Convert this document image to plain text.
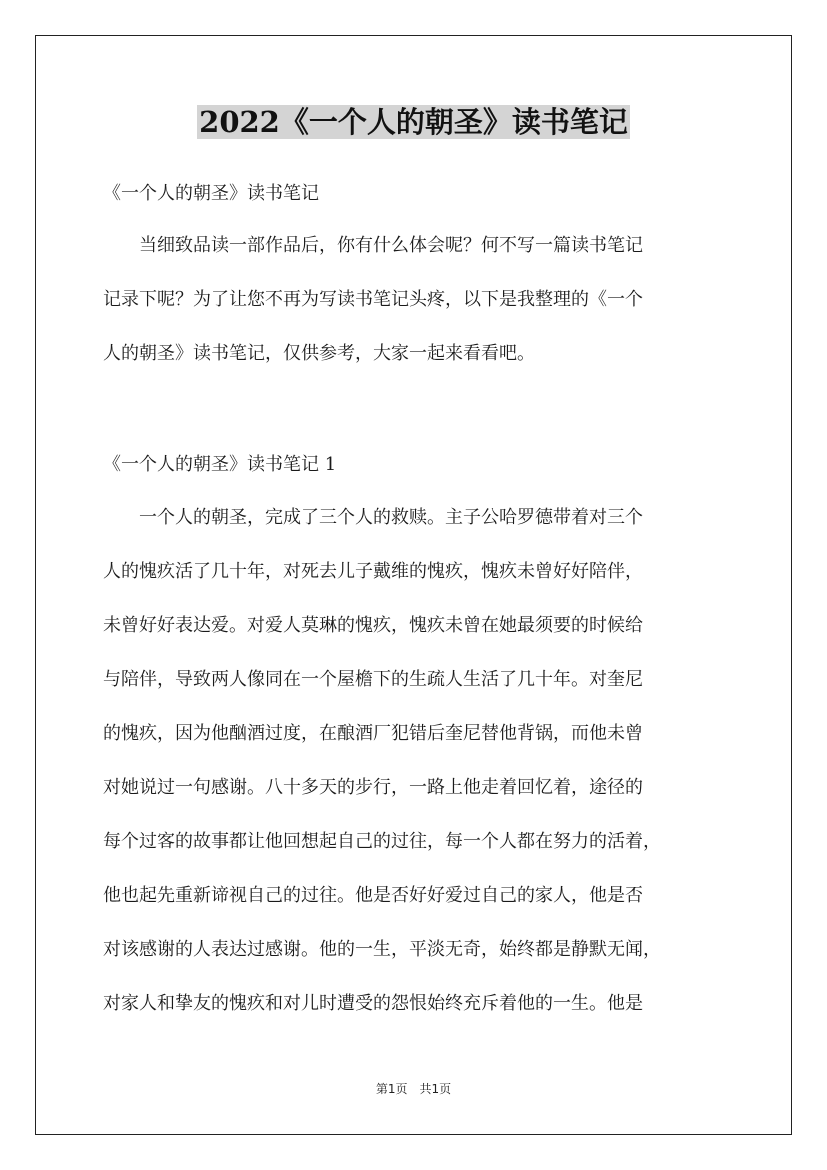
2022《一个人的朝圣》读书笔记

《一个人的朝圣》读书笔记

　　当细致品读一部作品后，你有什么体会呢？何不写一篇读书笔记
记录下呢？为了让您不再为写读书笔记头疼，以下是我整理的《一个
人的朝圣》读书笔记，仅供参考，大家一起来看看吧。

《一个人的朝圣》读书笔记 1

　　一个人的朝圣，完成了三个人的救赎。主子公哈罗德带着对三个
人的愧疚活了几十年，对死去儿子戴维的愧疚，愧疚未曾好好陪伴，
未曾好好表达爱。对爱人莫琳的愧疚，愧疚未曾在她最须要的时候给
与陪伴，导致两人像同在一个屋檐下的生疏人生活了几十年。对奎尼
的愧疚，因为他酗酒过度，在酿酒厂犯错后奎尼替他背锅，而他未曾
对她说过一句感谢。八十多天的步行，一路上他走着回忆着，途径的
每个过客的故事都让他回想起自己的过往，每一个人都在努力的活着，
他也起先重新谛视自己的过往。他是否好好爱过自己的家人，他是否
对该感谢的人表达过感谢。他的一生，平淡无奇，始终都是静默无闻，
对家人和挚友的愧疚和对儿时遭受的怨恨始终充斥着他的一生。他是
第1页　共1页
